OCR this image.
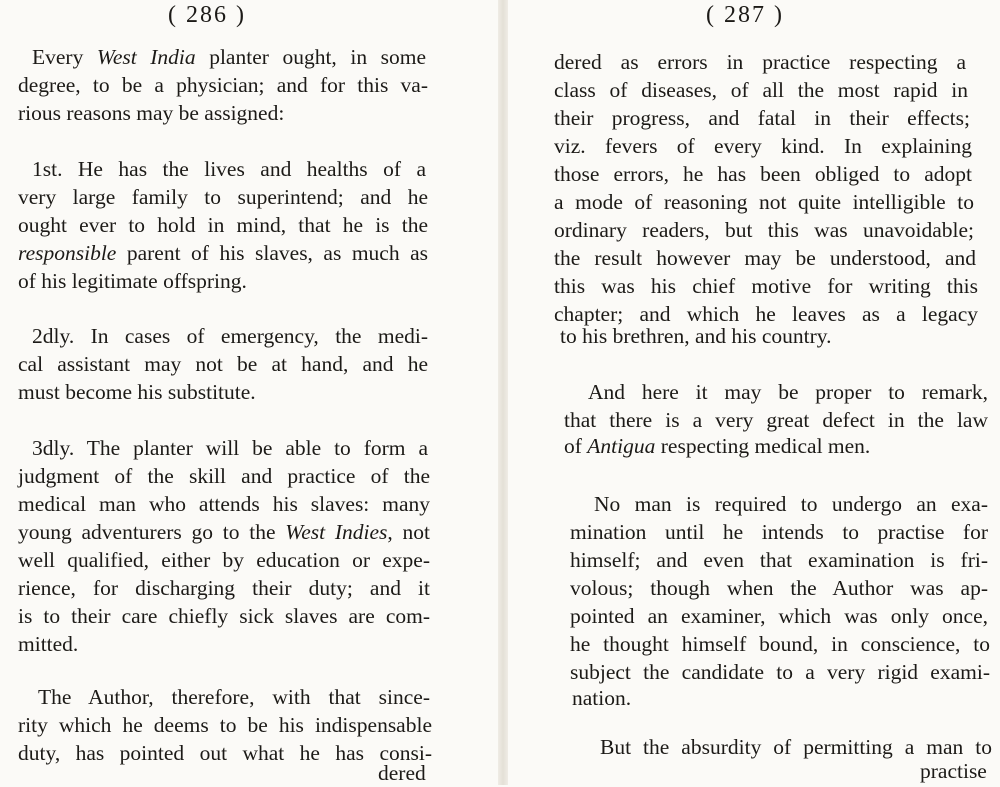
( 286 )
Every West India planter ought, in some
degree, to be a physician; and for this va-
rious reasons may be assigned:
1st. He has the lives and healths of a
very large family to superintend; and he
ought ever to hold in mind, that he is the
responsible parent of his slaves, as much as
of his legitimate offspring.
2dly. In cases of emergency, the medi-
cal assistant may not be at hand, and he
must become his substitute.
3dly. The planter will be able to form a
judgment of the skill and practice of the
medical man who attends his slaves: many
young adventurers go to the West Indies, not
well qualified, either by education or expe-
rience, for discharging their duty; and it
is to their care chiefly sick slaves are com-
mitted.
The Author, therefore, with that since-
rity which he deems to be his indispensable
duty, has pointed out what he has consi-
dered
( 287 )
dered as errors in practice respecting a
class of diseases, of all the most rapid in
their progress, and fatal in their effects;
viz. fevers of every kind. In explaining
those errors, he has been obliged to adopt
a mode of reasoning not quite intelligible to
ordinary readers, but this was unavoidable;
the result however may be understood, and
this was his chief motive for writing this
chapter; and which he leaves as a legacy
to his brethren, and his country.
And here it may be proper to remark,
that there is a very great defect in the law
of Antigua respecting medical men.
No man is required to undergo an exa-
mination until he intends to practise for
himself; and even that examination is fri-
volous; though when the Author was ap-
pointed an examiner, which was only once,
he thought himself bound, in conscience, to
subject the candidate to a very rigid exami-
nation.
But the absurdity of permitting a man to
practise
